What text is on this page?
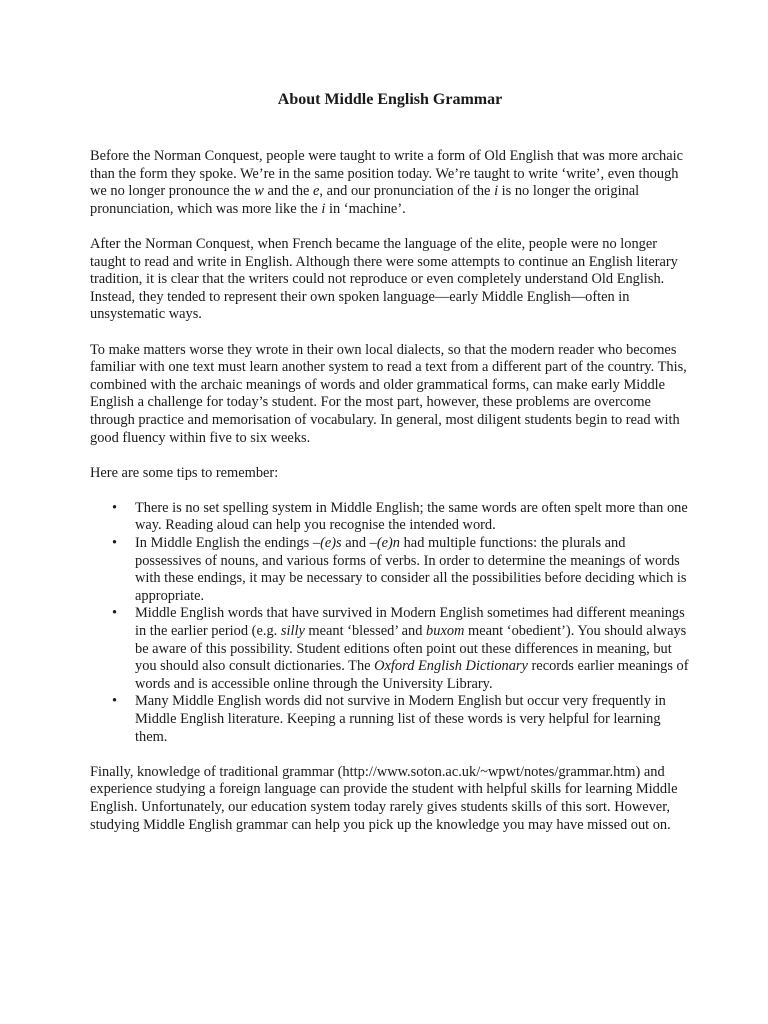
About Middle English Grammar

Before the Norman Conquest, people were taught to write a form of Old English that was more archaic than the form they spoke. We’re in the same position today. We’re taught to write ‘write’, even though we no longer pronounce the w and the e, and our pronunciation of the i is no longer the original pronunciation, which was more like the i in ‘machine’.

After the Norman Conquest, when French became the language of the elite, people were no longer taught to read and write in English. Although there were some attempts to continue an English literary tradition, it is clear that the writers could not reproduce or even completely understand Old English. Instead, they tended to represent their own spoken language—early Middle English—often in unsystematic ways.

To make matters worse they wrote in their own local dialects, so that the modern reader who becomes familiar with one text must learn another system to read a text from a different part of the country. This, combined with the archaic meanings of words and older grammatical forms, can make early Middle English a challenge for today’s student. For the most part, however, these problems are overcome through practice and memorisation of vocabulary. In general, most diligent students begin to read with good fluency within five to six weeks.

Here are some tips to remember:

• There is no set spelling system in Middle English; the same words are often spelt more than one way. Reading aloud can help you recognise the intended word.
• In Middle English the endings –(e)s and –(e)n had multiple functions: the plurals and possessives of nouns, and various forms of verbs. In order to determine the meanings of words with these endings, it may be necessary to consider all the possibilities before deciding which is appropriate.
• Middle English words that have survived in Modern English sometimes had different meanings in the earlier period (e.g. silly meant ‘blessed’ and buxom meant ‘obedient’). You should always be aware of this possibility. Student editions often point out these differences in meaning, but you should also consult dictionaries. The Oxford English Dictionary records earlier meanings of words and is accessible online through the University Library.
• Many Middle English words did not survive in Modern English but occur very frequently in Middle English literature. Keeping a running list of these words is very helpful for learning them.

Finally, knowledge of traditional grammar (http://www.soton.ac.uk/~wpwt/notes/grammar.htm) and experience studying a foreign language can provide the student with helpful skills for learning Middle English. Unfortunately, our education system today rarely gives students skills of this sort. However, studying Middle English grammar can help you pick up the knowledge you may have missed out on.
